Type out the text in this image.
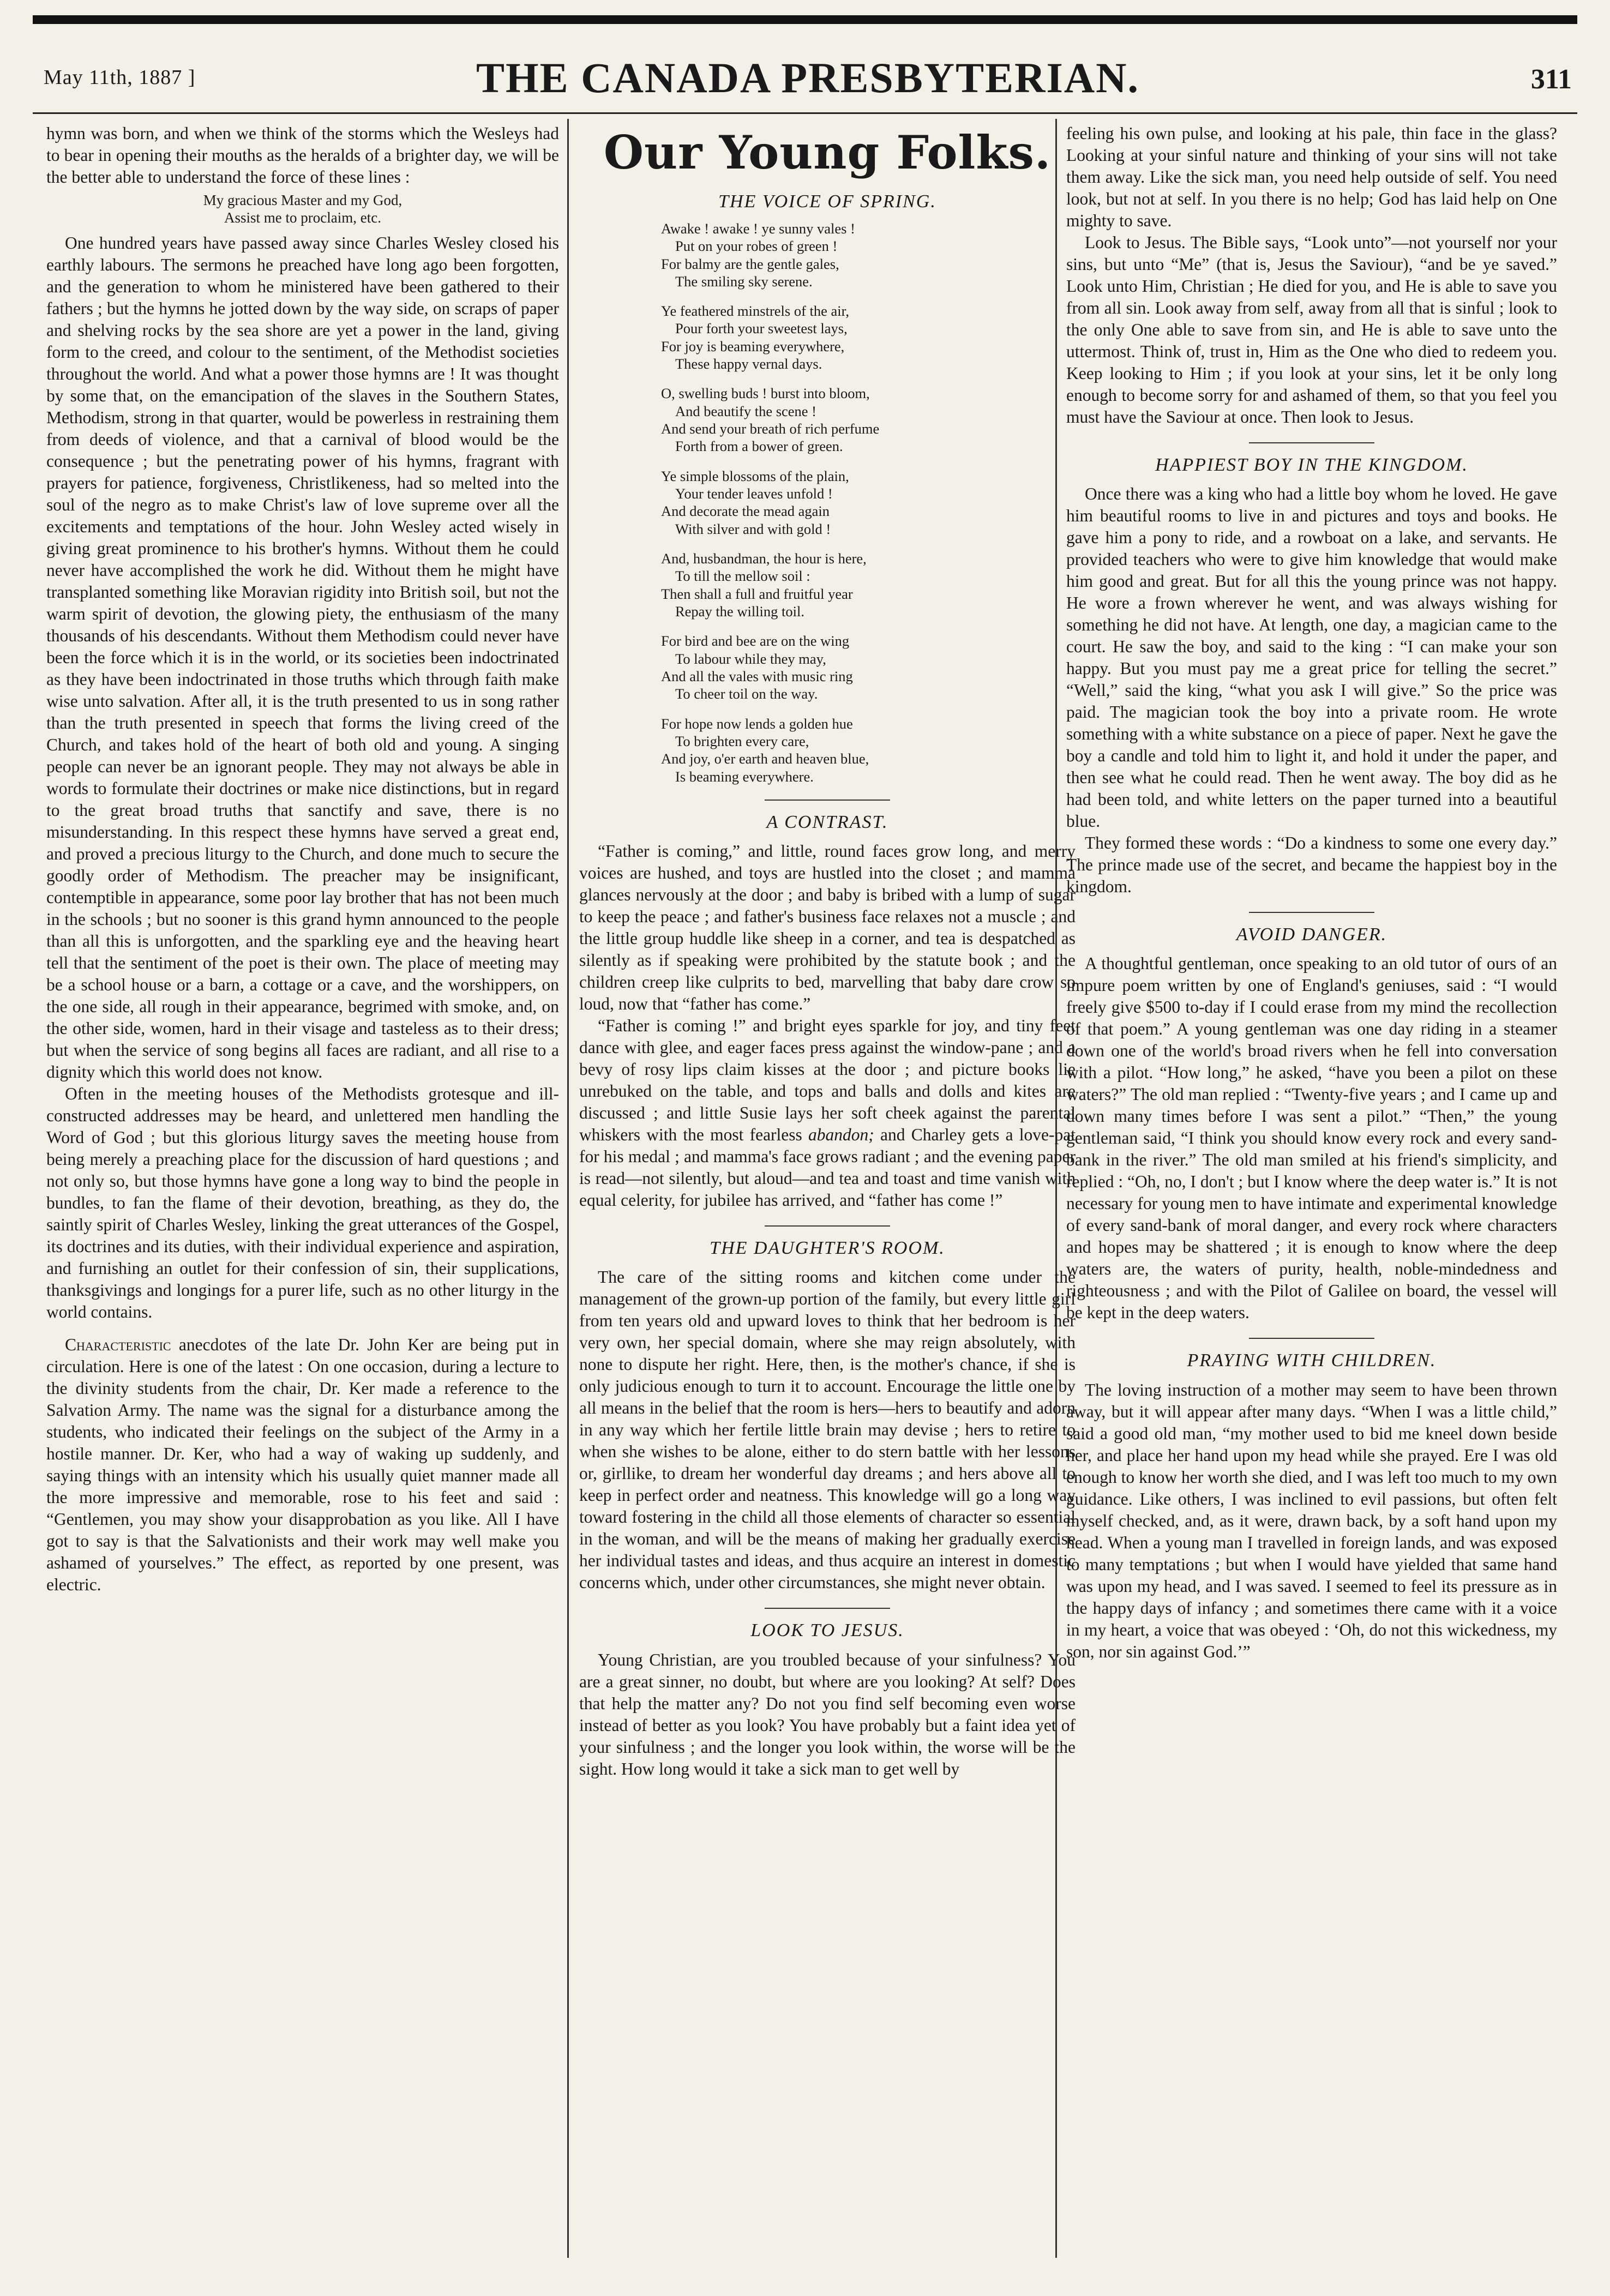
May 11th, 1887 ]	THE CANADA PRESBYTERIAN.	311

hymn was born, and when we think of the storms which the Wesleys had to bear in opening their mouths as the heralds of a brighter day, we will be the better able to understand the force of these lines :

My gracious Master and my God,
Assist me to proclaim, etc.

One hundred years have passed away since Charles Wesley closed his earthly labours. The sermons he preached have long ago been forgotten, and the generation to whom he ministered have been gathered to their fathers ; but the hymns he jotted down by the way side, on scraps of paper and shelving rocks by the sea shore are yet a power in the land, giving form to the creed, and colour to the sentiment, of the Methodist societies throughout the world. And what a power those hymns are ! It was thought by some that, on the emancipation of the slaves in the Southern States, Methodism, strong in that quarter, would be powerless in restraining them from deeds of violence, and that a carnival of blood would be the consequence ; but the penetrating power of his hymns, fragrant with prayers for patience, forgiveness, Christlikeness, had so melted into the soul of the negro as to make Christ's law of love supreme over all the excitements and temptations of the hour. John Wesley acted wisely in giving great prominence to his brother's hymns. Without them he could never have accomplished the work he did. Without them he might have transplanted something like Moravian rigidity into British soil, but not the warm spirit of devotion, the glowing piety, the enthusiasm of the many thousands of his descendants. Without them Methodism could never have been the force which it is in the world, or its societies been indoctrinated as they have been indoctrinated in those truths which through faith make wise unto salvation. After all, it is the truth presented to us in song rather than the truth presented in speech that forms the living creed of the Church, and takes hold of the heart of both old and young. A singing people can never be an ignorant people. They may not always be able in words to formulate their doctrines or make nice distinctions, but in regard to the great broad truths that sanctify and save, there is no misunderstanding. In this respect these hymns have served a great end, and proved a precious liturgy to the Church, and done much to secure the goodly order of Methodism. The preacher may be insignificant, contemptible in appearance, some poor lay brother that has not been much in the schools ; but no sooner is this grand hymn announced to the people than all this is unforgotten, and the sparkling eye and the heaving heart tell that the sentiment of the poet is their own. The place of meeting may be a school house or a barn, a cottage or a cave, and the worshippers, on the one side, all rough in their appearance, begrimed with smoke, and, on the other side, women, hard in their visage and tasteless as to their dress; but when the service of song begins all faces are radiant, and all rise to a dignity which this world does not know.

Often in the meeting houses of the Methodists grotesque and ill-constructed addresses may be heard, and unlettered men handling the Word of God ; but this glorious liturgy saves the meeting house from being merely a preaching place for the discussion of hard questions ; and not only so, but those hymns have gone a long way to bind the people in bundles, to fan the flame of their devotion, breathing, as they do, the saintly spirit of Charles Wesley, linking the great utterances of the Gospel, its doctrines and its duties, with their individual experience and aspiration, and furnishing an outlet for their confession of sin, their supplications, thanksgivings and longings for a purer life, such as no other liturgy in the world contains.

Characteristic anecdotes of the late Dr. John Ker are being put in circulation. Here is one of the latest : On one occasion, during a lecture to the divinity students from the chair, Dr. Ker made a reference to the Salvation Army. The name was the signal for a disturbance among the students, who indicated their feelings on the subject of the Army in a hostile manner. Dr. Ker, who had a way of waking up suddenly, and saying things with an intensity which his usually quiet manner made all the more impressive and memorable, rose to his feet and said : “Gentlemen, you may show your disapprobation as you like. All I have got to say is that the Salvationists and their work may well make you ashamed of yourselves.” The effect, as reported by one present, was electric.

Our Young Folks.
THE VOICE OF SPRING.
Awake ! awake ! ye sunny vales !
Put on your robes of green !
For balmy are the gentle gales,
The smiling sky serene.
Ye feathered minstrels of the air,
Pour forth your sweetest lays,
For joy is beaming everywhere,
These happy vernal days.
O, swelling buds ! burst into bloom,
And beautify the scene !
And send your breath of rich perfume
Forth from a bower of green.
Ye simple blossoms of the plain,
Your tender leaves unfold !
And decorate the mead again
With silver and with gold !
And, husbandman, the hour is here,
To till the mellow soil :
Then shall a full and fruitful year
Repay the willing toil.
For bird and bee are on the wing
To labour while they may,
And all the vales with music ring
To cheer toil on the way.
For hope now lends a golden hue
To brighten every care,
And joy, o'er earth and heaven blue,
Is beaming everywhere.
A CONTRAST.

“Father is coming,” and little, round faces grow long, and merry voices are hushed, and toys are hustled into the closet ; and mamma glances nervously at the door ; and baby is bribed with a lump of sugar to keep the peace ; and father's business face relaxes not a muscle ; and the little group huddle like sheep in a corner, and tea is despatched as silently as if speaking were prohibited by the statute book ; and the children creep like culprits to bed, marvelling that baby dare crow so loud, now that “father has come.”

“Father is coming !” and bright eyes sparkle for joy, and tiny feet dance with glee, and eager faces press against the window-pane ; and a bevy of rosy lips claim kisses at the door ; and picture books lie unrebuked on the table, and tops and balls and dolls and kites are discussed ; and little Susie lays her soft cheek against the parental whiskers with the most fearless abandon; and Charley gets a love-pat for his medal ; and mamma's face grows radiant ; and the evening paper is read—not silently, but aloud—and tea and toast and time vanish with equal celerity, for jubilee has arrived, and “father has come !”

THE DAUGHTER'S ROOM.

The care of the sitting rooms and kitchen come under the management of the grown-up portion of the family, but every little girl from ten years old and upward loves to think that her bedroom is her very own, her special domain, where she may reign absolutely, with none to dispute her right. Here, then, is the mother's chance, if she is only judicious enough to turn it to account. Encourage the little one by all means in the belief that the room is hers—hers to beautify and adorn in any way which her fertile little brain may devise ; hers to retire to when she wishes to be alone, either to do stern battle with her lessons or, girllike, to dream her wonderful day dreams ; and hers above all to keep in perfect order and neatness. This knowledge will go a long way toward fostering in the child all those elements of character so essential in the woman, and will be the means of making her gradually exercise her individual tastes and ideas, and thus acquire an interest in domestic concerns which, under other circumstances, she might never obtain.

LOOK TO JESUS.

Young Christian, are you troubled because of your sinfulness? You are a great sinner, no doubt, but where are you looking? At self? Does that help the matter any? Do not you find self becoming even worse instead of better as you look? You have probably but a faint idea yet of your sinfulness ; and the longer you look within, the worse will be the sight. How long would it take a sick man to get well by

feeling his own pulse, and looking at his pale, thin face in the glass? Looking at your sinful nature and thinking of your sins will not take them away. Like the sick man, you need help outside of self. You need look, but not at self. In you there is no help; God has laid help on One mighty to save.

Look to Jesus. The Bible says, “Look unto”—not yourself nor your sins, but unto “Me” (that is, Jesus the Saviour), “and be ye saved.” Look unto Him, Christian ; He died for you, and He is able to save you from all sin. Look away from self, away from all that is sinful ; look to the only One able to save from sin, and He is able to save unto the uttermost. Think of, trust in, Him as the One who died to redeem you. Keep looking to Him ; if you look at your sins, let it be only long enough to become sorry for and ashamed of them, so that you feel you must have the Saviour at once. Then look to Jesus.

HAPPIEST BOY IN THE KINGDOM.

Once there was a king who had a little boy whom he loved. He gave him beautiful rooms to live in and pictures and toys and books. He gave him a pony to ride, and a rowboat on a lake, and servants. He provided teachers who were to give him knowledge that would make him good and great. But for all this the young prince was not happy. He wore a frown wherever he went, and was always wishing for something he did not have. At length, one day, a magician came to the court. He saw the boy, and said to the king : “I can make your son happy. But you must pay me a great price for telling the secret.” “Well,” said the king, “what you ask I will give.” So the price was paid. The magician took the boy into a private room. He wrote something with a white substance on a piece of paper. Next he gave the boy a candle and told him to light it, and hold it under the paper, and then see what he could read. Then he went away. The boy did as he had been told, and white letters on the paper turned into a beautiful blue.

They formed these words : “Do a kindness to some one every day.” The prince made use of the secret, and became the happiest boy in the kingdom.

AVOID DANGER.

A thoughtful gentleman, once speaking to an old tutor of ours of an impure poem written by one of England's geniuses, said : “I would freely give $500 to-day if I could erase from my mind the recollection of that poem.” A young gentleman was one day riding in a steamer down one of the world's broad rivers when he fell into conversation with a pilot. “How long,” he asked, “have you been a pilot on these waters?” The old man replied : “Twenty-five years ; and I came up and down many times before I was sent a pilot.” “Then,” the young gentleman said, “I think you should know every rock and every sand-bank in the river.” The old man smiled at his friend's simplicity, and replied : “Oh, no, I don't ; but I know where the deep water is.” It is not necessary for young men to have intimate and experimental knowledge of every sand-bank of moral danger, and every rock where characters and hopes may be shattered ; it is enough to know where the deep waters are, the waters of purity, health, noble-mindedness and righteousness ; and with the Pilot of Galilee on board, the vessel will be kept in the deep waters.

PRAYING WITH CHILDREN.

The loving instruction of a mother may seem to have been thrown away, but it will appear after many days. “When I was a little child,” said a good old man, “my mother used to bid me kneel down beside her, and place her hand upon my head while she prayed. Ere I was old enough to know her worth she died, and I was left too much to my own guidance. Like others, I was inclined to evil passions, but often felt myself checked, and, as it were, drawn back, by a soft hand upon my head. When a young man I travelled in foreign lands, and was exposed to many temptations ; but when I would have yielded that same hand was upon my head, and I was saved. I seemed to feel its pressure as in the happy days of infancy ; and sometimes there came with it a voice in my heart, a voice that was obeyed : ‘Oh, do not this wickedness, my son, nor sin against God.’”
